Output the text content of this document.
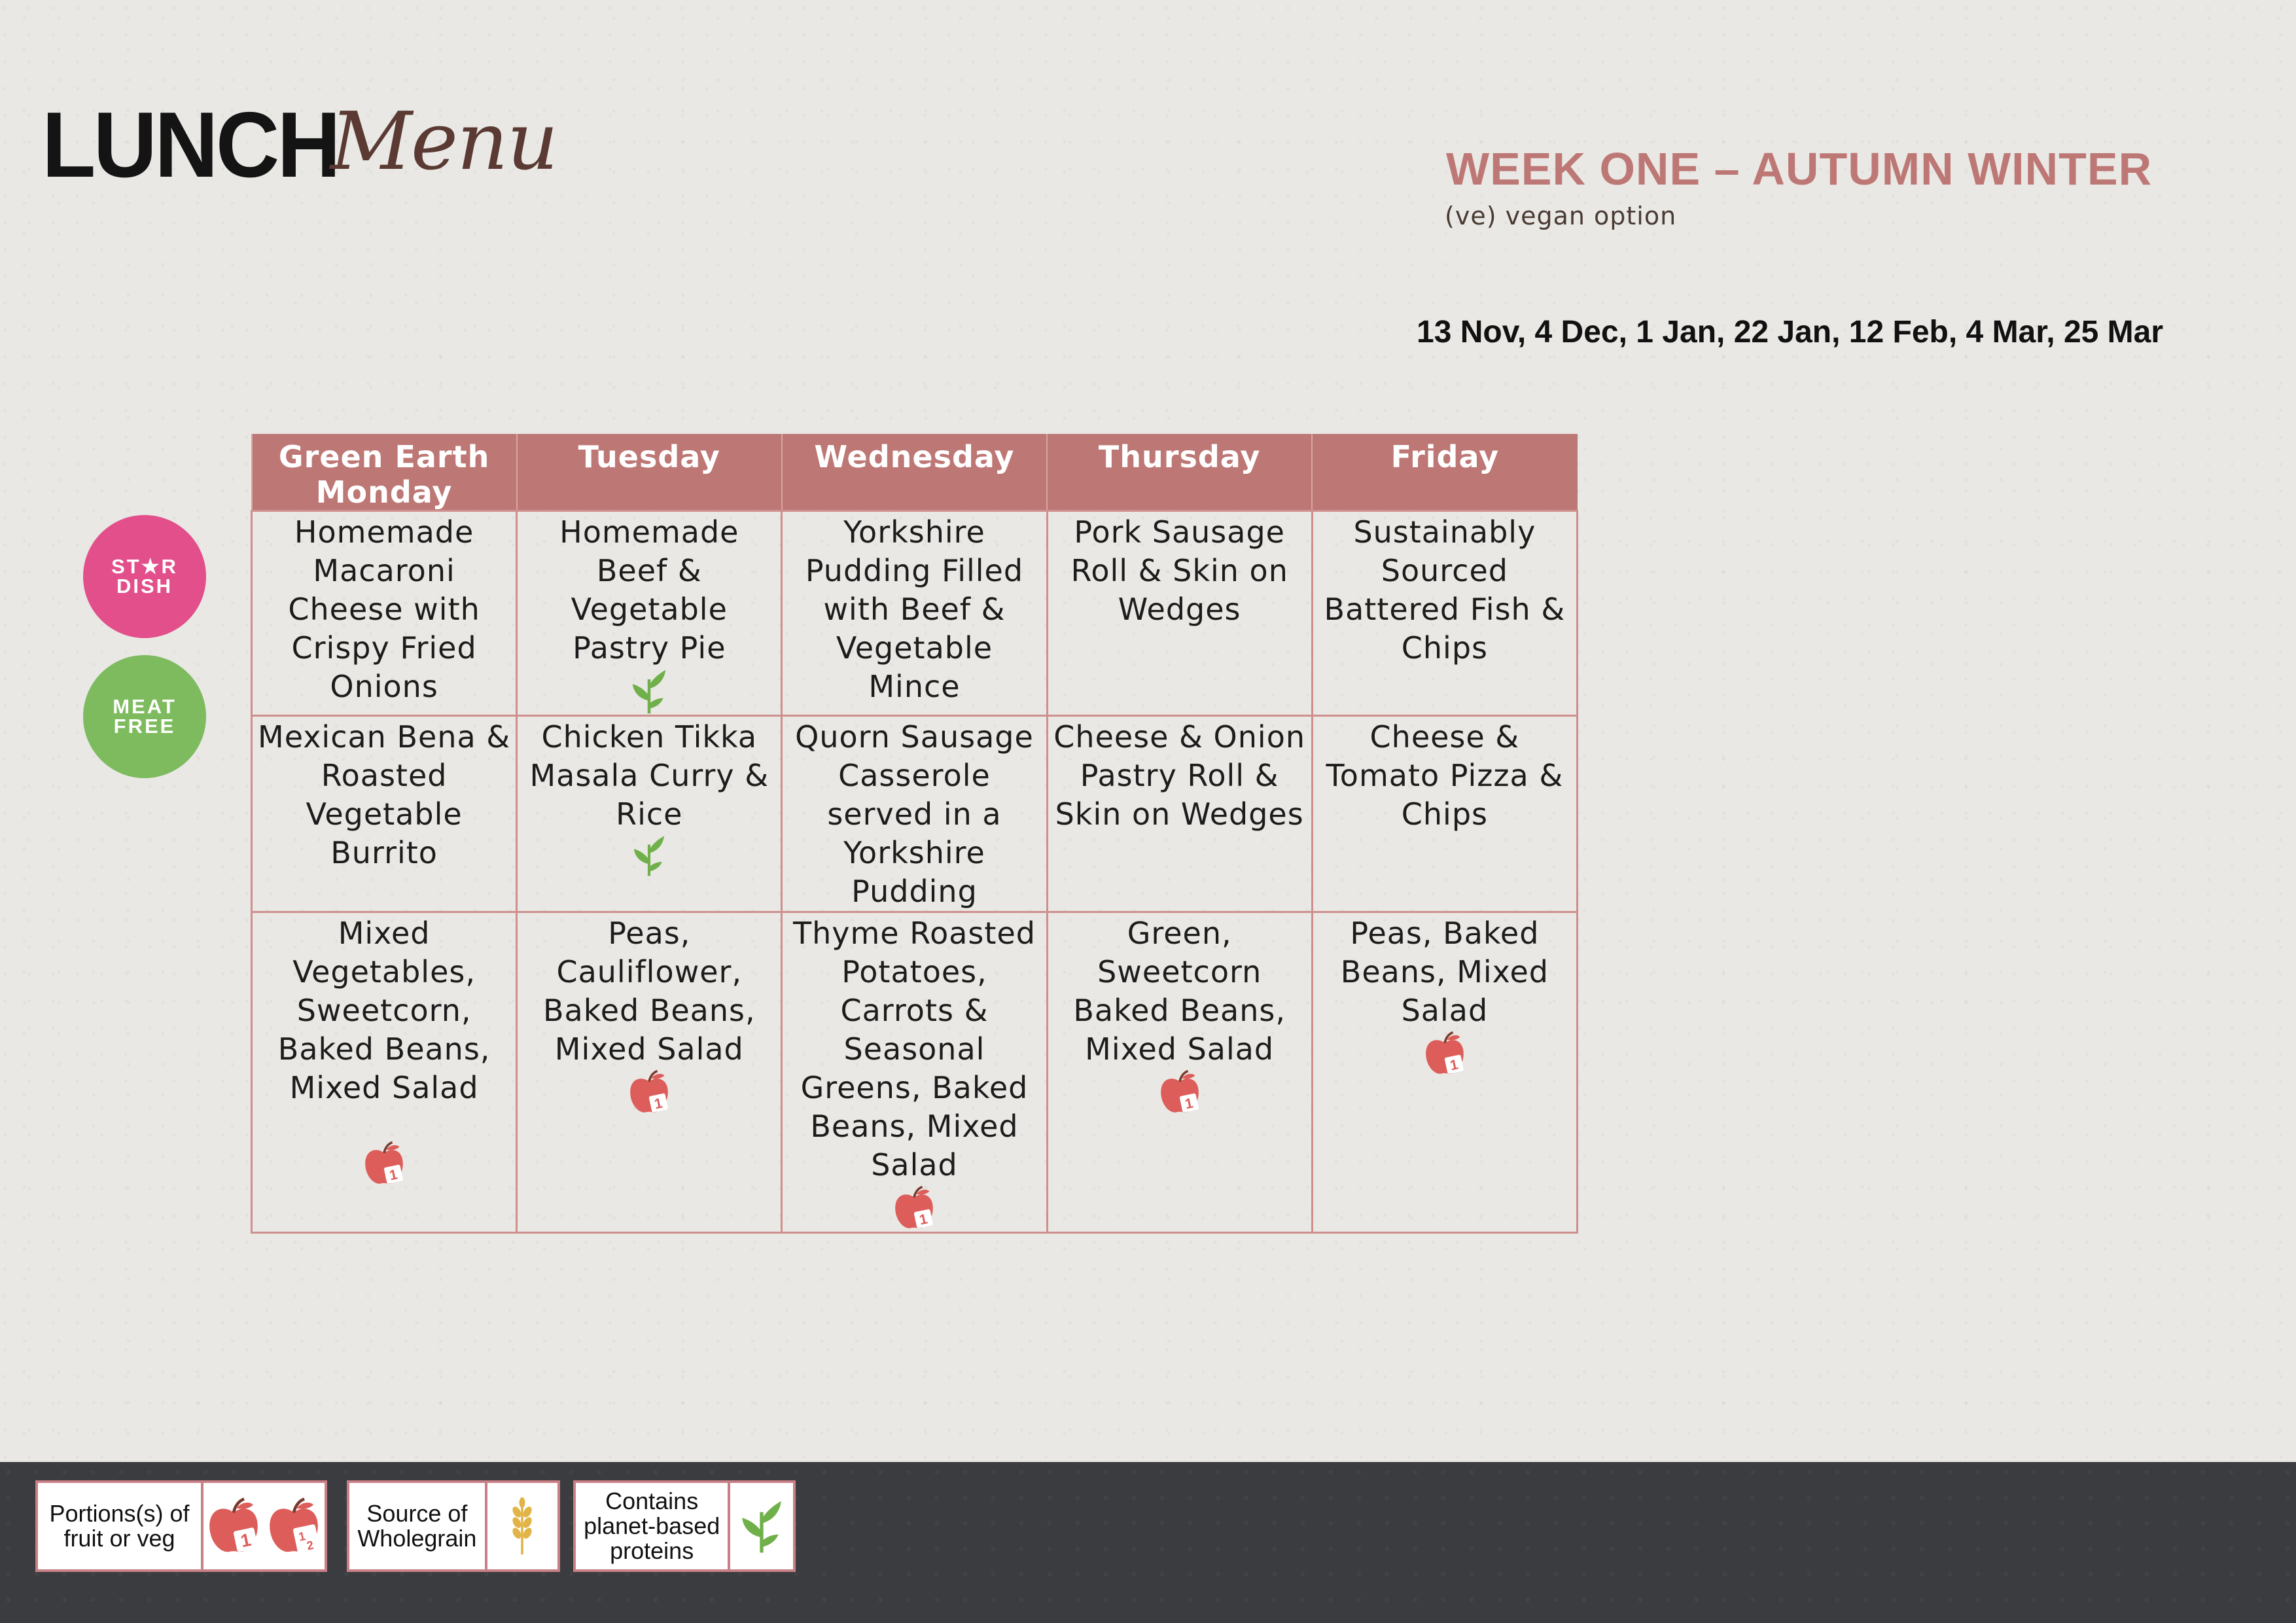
LUNCH
Menu	WEEK ONE – AUTUMN WINTER
(ve) vegan option
13 Nov, 4 Dec, 1 Jan, 22 Jan, 12 Feb, 4 Mar, 25 Mar
ST★R
DISH
MEAT
FREE
Green Earth Monday	Tuesday	Wednesday	Thursday	Friday

Homemade Macaroni Cheese with Crispy Fried Onions	Homemade Beef & Vegetable Pastry Pie	Yorkshire Pudding Filled with Beef & Vegetable Mince	Pork Sausage Roll & Skin on Wedges	Sustainably Sourced Battered Fish & Chips

Mexican Bena & Roasted Vegetable Burrito	Chicken Tikka Masala Curry & Rice	Quorn Sausage Casserole served in a Yorkshire Pudding	Cheese & Onion Pastry Roll & Skin on Wedges	Cheese & Tomato Pizza & Chips

Mixed Vegetables, Sweetcorn, Baked Beans, Mixed Salad	Peas, Cauliflower, Baked Beans, Mixed Salad	Thyme Roasted Potatoes, Carrots & Seasonal Greens, Baked Beans, Mixed Salad	Green, Sweetcorn Baked Beans, Mixed Salad	Peas, Baked Beans, Mixed Salad
Portions(s) of fruit or veg
Source of Wholegrain
Contains planet-based proteins
